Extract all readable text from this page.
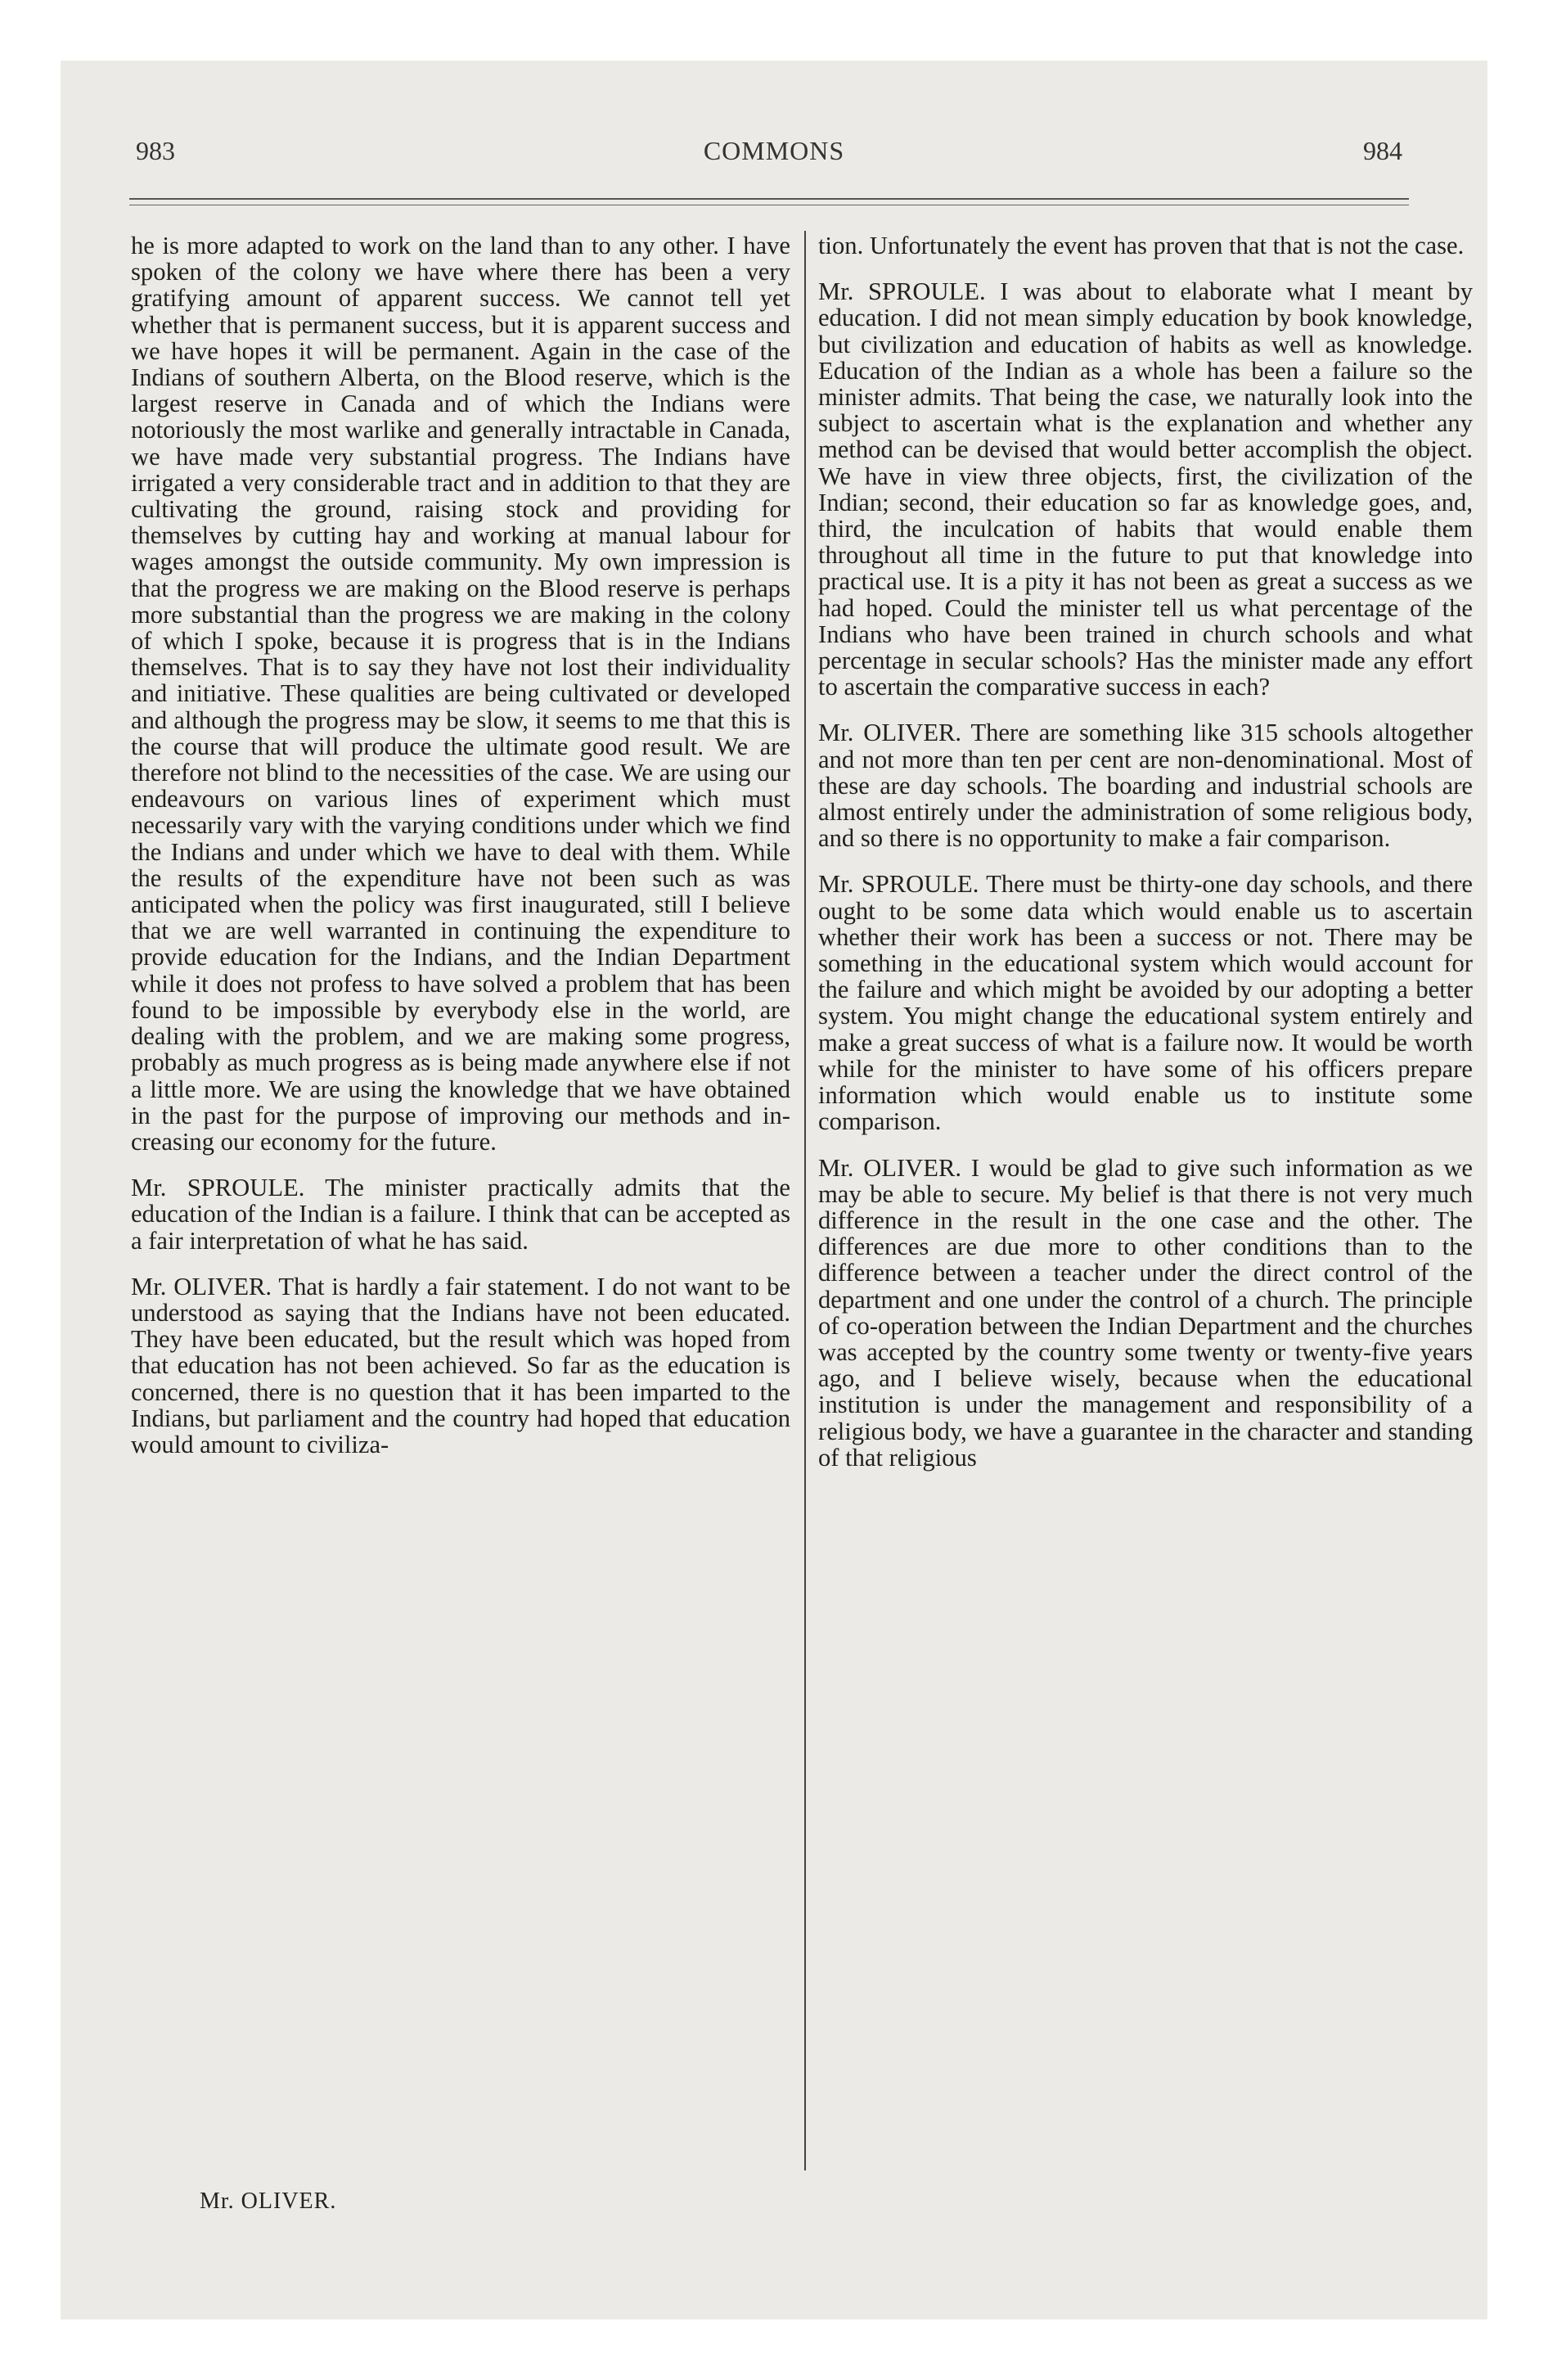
983	COMMONS	984

he is more adapted to work on the land than to any other. I have spoken of the colony we have where there has been a very gratifying amount of apparent success. We cannot tell yet whether that is permanent success, but it is apparent success and we have hopes it will be permanent. Again in the case of the Indians of southern Alberta, on the Blood reserve, which is the largest reserve in Canada and of which the Indians were notoriously the most warlike and generally intractable in Canada, we have made very substantial progress. The Indians have irrigated a very considerable tract and in addition to that they are cultivating the ground, raising stock and providing for themselves by cutting hay and working at manual labour for wages amongst the outside community. My own impression is that the progress we are making on the Blood reserve is perhaps more substantial than the progress we are making in the colony of which I spoke, because it is progress that is in the Indians themselves. That is to say they have not lost their individuality and initiative. These qualities are being cultivated or developed and although the progress may be slow, it seems to me that this is the course that will produce the ultimate good result. We are therefore not blind to the necessities of the case. We are using our endeavours on various lines of experiment which must necessarily vary with the varying conditions under which we find the Indians and under which we have to deal with them. While the results of the expenditure have not been such as was anticipated when the policy was first inaugurated, still I believe that we are well warranted in continuing the expenditure to provide education for the Indians, and the Indian Department while it does not profess to have solved a problem that has been found to be impossible by everybody else in the world, are dealing with the problem, and we are making some progress, probably as much progress as is being made anywhere else if not a little more. We are using the knowledge that we have obtained in the past for the purpose of improving our methods and increasing our economy for the future.

Mr. SPROULE. The minister practically admits that the education of the Indian is a failure. I think that can be accepted as a fair interpretation of what he has said.

Mr. OLIVER. That is hardly a fair statement. I do not want to be understood as saying that the Indians have not been educated. They have been educated, but the result which was hoped from that education has not been achieved. So far as the education is concerned, there is no question that it has been imparted to the Indians, but parliament and the country had hoped that education would amount to civiliza-

tion. Unfortunately the event has proven that that is not the case.

Mr. SPROULE. I was about to elaborate what I meant by education. I did not mean simply education by book knowledge, but civilization and education of habits as well as knowledge. Education of the Indian as a whole has been a failure so the minister admits. That being the case, we naturally look into the subject to ascertain what is the explanation and whether any method can be devised that would better accomplish the object. We have in view three objects, first, the civilization of the Indian; second, their education so far as knowledge goes, and, third, the inculcation of habits that would enable them throughout all time in the future to put that knowledge into practical use. It is a pity it has not been as great a success as we had hoped. Could the minister tell us what percentage of the Indians who have been trained in church schools and what percentage in secular schools? Has the minister made any effort to ascertain the comparative success in each?

Mr. OLIVER. There are something like 315 schools altogether and not more than ten per cent are non-denominational. Most of these are day schools. The boarding and industrial schools are almost entirely under the administration of some religious body, and so there is no opportunity to make a fair comparison.

Mr. SPROULE. There must be thirty-one day schools, and there ought to be some data which would enable us to ascertain whether their work has been a success or not. There may be something in the educational system which would account for the failure and which might be avoided by our adopting a better system. You might change the educational system entirely and make a great success of what is a failure now. It would be worth while for the minister to have some of his officers prepare information which would enable us to institute some comparison.

Mr. OLIVER. I would be glad to give such information as we may be able to secure. My belief is that there is not very much difference in the result in the one case and the other. The differences are due more to other conditions than to the difference between a teacher under the direct control of the department and one under the control of a church. The principle of co-operation between the Indian Department and the churches was accepted by the country some twenty or twenty-five years ago, and I believe wisely, because when the educational institution is under the management and responsibility of a religious body, we have a guarantee in the character and standing of that religious

Mr. OLIVER.
